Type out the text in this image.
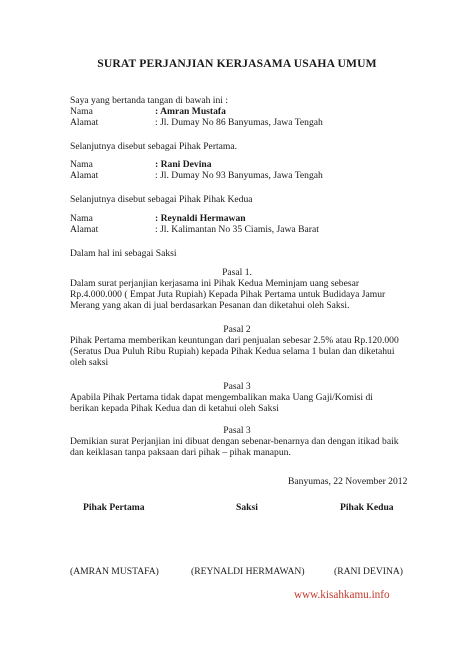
SURAT PERJANJIAN KERJASAMA USAHA UMUM
Saya yang bertanda tangan di bawah ini :
Nama	: Amran Mustafa
Alamat	: Jl. Dumay No 86 Banyumas, Jawa Tengah
Selanjutnya disebut sebagai Pihak Pertama.
Nama	: Rani Devina
Alamat	: Jl. Dumay No 93 Banyumas, Jawa Tengah
Selanjutnya disebut sebagai Pihak Pihak Kedua
Nama	: Reynaldi Hermawan
Alamat	: Jl. Kalimantan No 35 Ciamis, Jawa Barat
Dalam hal ini sebagai Saksi
Pasal 1.
Dalam surat perjanjian kerjasama ini Pihak Kedua Meminjam uang sebesar
Rp.4.000.000 ( Empat Juta Rupiah) Kepada Pihak Pertama untuk Budidaya Jamur
Merang yang akan di jual berdasarkan Pesanan dan diketahui oleh Saksi.
Pasal 2
Pihak Pertama memberikan keuntungan dari penjualan sebesar 2.5% atau Rp.120.000
(Seratus Dua Puluh Ribu Rupiah) kepada Pihak Kedua selama 1 bulan dan diketahui
oleh saksi
Pasal 3
Apabila Pihak Pertama tidak dapat mengembalikan maka Uang Gaji/Komisi di
berikan kepada Pihak Kedua dan di ketahui oleh Saksi
Pasal 3
Demikian surat Perjanjian ini dibuat dengan sebenar-benarnya dan dengan itikad baik
dan keiklasan tanpa paksaan dari pihak – pihak manapun.
Banyumas, 22 November 2012
Pihak Pertama	Saksi	Pihak Kedua
(AMRAN MUSTAFA)	(REYNALDI HERMAWAN)	(RANI DEVINA)
www.kisahkamu.info
